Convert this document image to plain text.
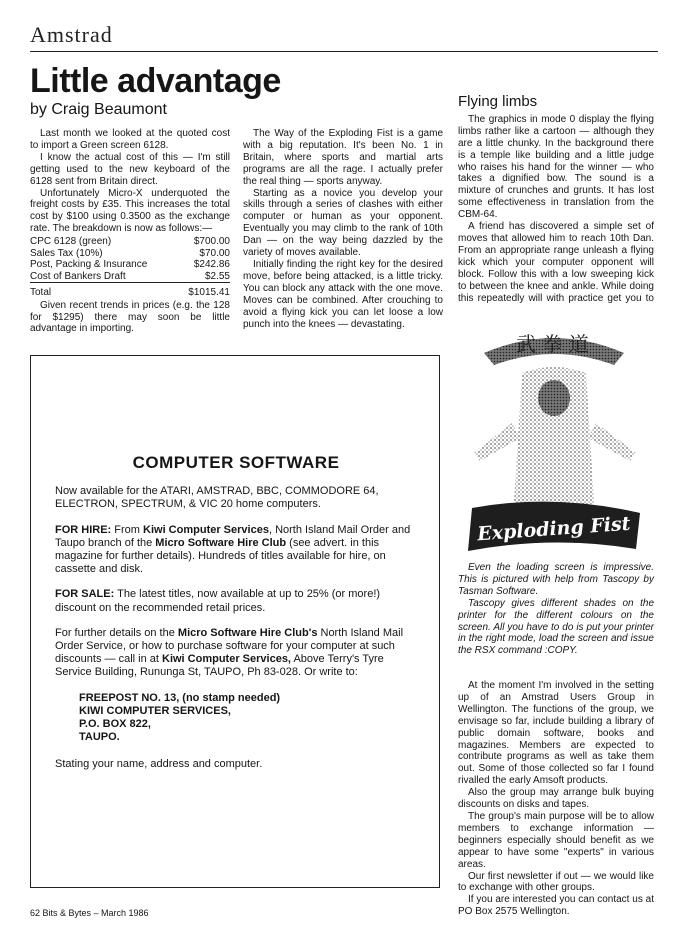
Amstrad
Little advantage
by Craig Beaumont

Last month we looked at the quoted cost to import a Green screen 6128.

I know the actual cost of this — I'm still getting used to the new keyboard of the 6128 sent from Britain direct.

Unfortunately Micro-X underquoted the freight costs by £35. This increases the total cost by $100 using 0.3500 as the exchange rate. The breakdown is now as follows:—

CPC 6128 (green)	$700.00
Sales Tax (10%)	$70.00
Post, Packing & Insurance	$242.86
Cost of Bankers Draft	$2.55
Total	$1015.41

Given recent trends in prices (e.g. the 128 for $1295) there may soon be little advantage in importing.

The Way of the Exploding Fist is a game with a big reputation. It's been No. 1 in Britain, where sports and martial arts programs are all the rage. I actually prefer the real thing — sports anyway.

Starting as a novice you develop your skills through a series of clashes with either computer or human as your opponent. Eventually you may climb to the rank of 10th Dan — on the way being dazzled by the variety of moves available.

Initially finding the right key for the desired move, before being attacked, is a little tricky. You can block any attack with the one move. Moves can be combined. After crouching to avoid a flying kick you can let loose a low punch into the knees — devastating.

Flying limbs

The graphics in mode 0 display the flying limbs rather like a cartoon — although they are a little chunky. In the background there is a temple like building and a little judge who raises his hand for the winner — who takes a dignified bow. The sound is a mixture of crunches and grunts. It has lost some effectiveness in translation from the CBM-64.

A friend has discovered a simple set of moves that allowed him to reach 10th Dan. From an appropriate range unleash a flying kick which your computer opponent will block. Follow this with a low sweeping kick to between the knee and ankle. While doing this repeatedly will with practice get you to

武 拳 道
Exploding Fist

Even the loading screen is impressive. This is pictured with help from Tascopy by Tasman Software.

Tascopy gives different shades on the printer for the different colours on the screen. All you have to do is put your printer in the right mode, load the screen and issue the RSX command :COPY.

At the moment I'm involved in the setting up of an Amstrad Users Group in Wellington. The functions of the group, we envisage so far, include building a library of public domain software, books and magazines. Members are expected to contribute programs as well as take them out. Some of those collected so far I found rivalled the early Amsoft products.

Also the group may arrange bulk buying discounts on disks and tapes.

The group's main purpose will be to allow members to exchange information — beginners especially should benefit as we appear to have some "experts" in various areas.

Our first newsletter if out — we would like to exchange with other groups.

If you are interested you can contact us at PO Box 2575 Wellington.

COMPUTER SOFTWARE

Now available for the ATARI, AMSTRAD, BBC, COMMODORE 64, ELECTRON, SPECTRUM, & VIC 20 home computers.

FOR HIRE: From Kiwi Computer Services, North Island Mail Order and Taupo branch of the Micro Software Hire Club (see advert. in this magazine for further details). Hundreds of titles available for hire, on cassette and disk.

FOR SALE: The latest titles, now available at up to 25% (or more!) discount on the recommended retail prices.

For further details on the Micro Software Hire Club's North Island Mail Order Service, or how to purchase software for your computer at such discounts — call in at Kiwi Computer Services, Above Terry's Tyre Service Building, Rununga St, TAUPO, Ph 83-028. Or write to:

FREEPOST NO. 13, (no stamp needed)
KIWI COMPUTER SERVICES,
P.O. BOX 822,
TAUPO.

Stating your name, address and computer.

62 Bits & Bytes – March 1986
